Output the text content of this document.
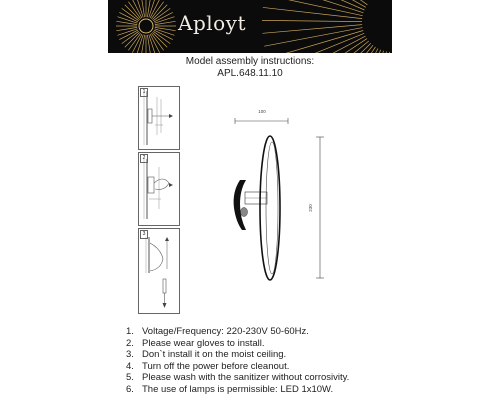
Aployt
Model assembly instructions:
APL.648.11.10
1
2
3
100
230
1. Voltage/Frequency: 220-230V 50-60Hz.
2. Please wear gloves to install.
3. Don`t install it on the moist ceiling.
4. Turn off the power before cleanout.
5. Please wash with the sanitizer without corrosivity.
6. The use of lamps is permissible: LED 1x10W.
